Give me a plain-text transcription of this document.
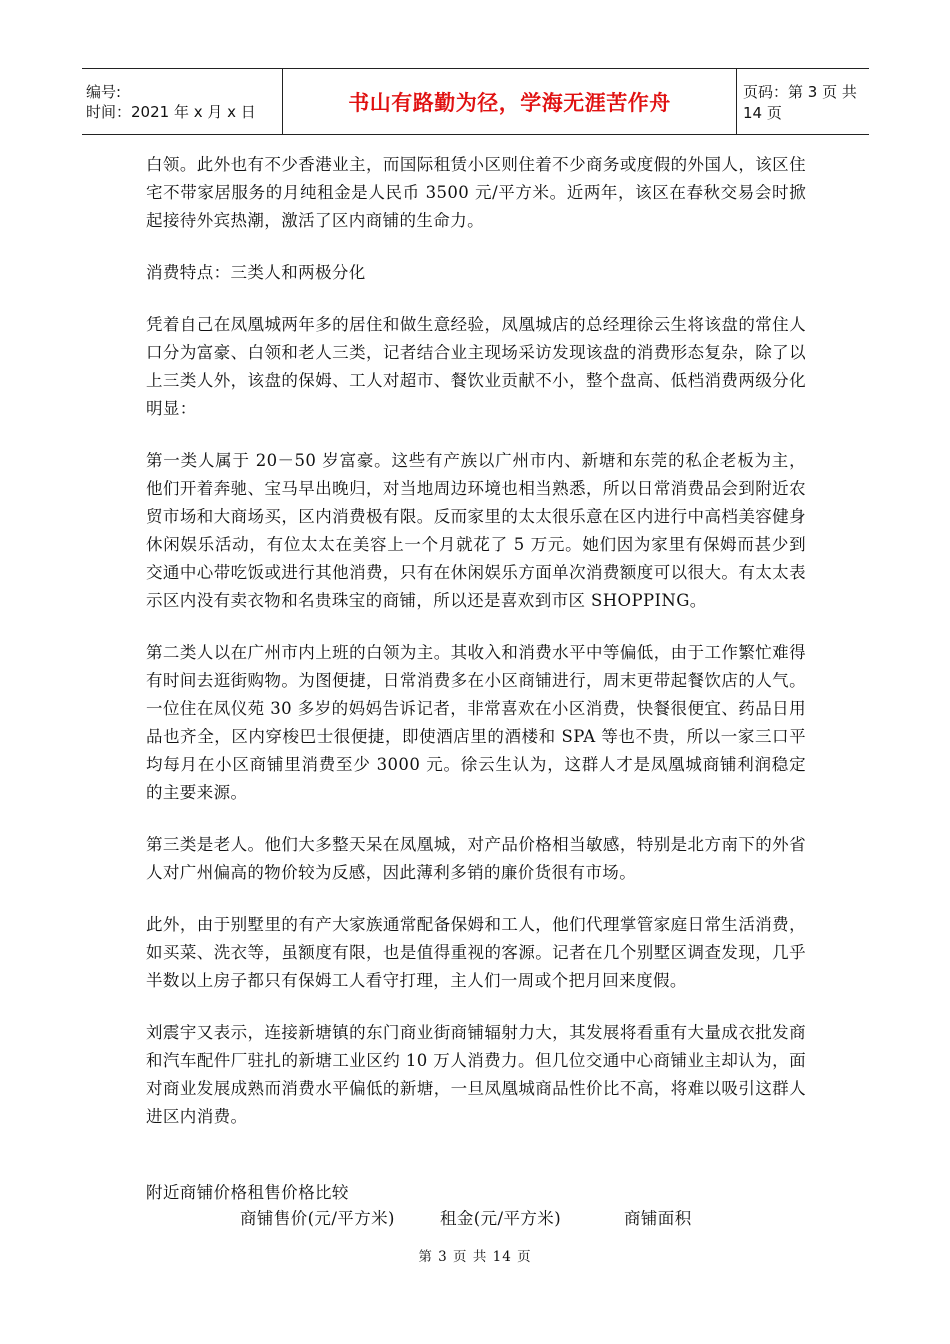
编号:
时间：2021 年 x 月 x 日	书山有路勤为径，学海无涯苦作舟	页码：第 3 页 共 14 页

白领。此外也有不少香港业主，而国际租赁小区则住着不少商务或度假的外国人，该区住宅不带家居服务的月纯租金是人民币 3500 元/平方米。近两年，该区在春秋交易会时掀起接待外宾热潮，激活了区内商铺的生命力。

消费特点：三类人和两极分化

凭着自己在凤凰城两年多的居住和做生意经验，凤凰城店的总经理徐云生将该盘的常住人口分为富豪、白领和老人三类，记者结合业主现场采访发现该盘的消费形态复杂，除了以上三类人外，该盘的保姆、工人对超市、餐饮业贡献不小，整个盘高、低档消费两级分化明显：

第一类人属于 20－50 岁富豪。这些有产族以广州市内、新塘和东莞的私企老板为主，他们开着奔驰、宝马早出晚归，对当地周边环境也相当熟悉，所以日常消费品会到附近农贸市场和大商场买，区内消费极有限。反而家里的太太很乐意在区内进行中高档美容健身休闲娱乐活动，有位太太在美容上一个月就花了 5 万元。她们因为家里有保姆而甚少到交通中心带吃饭或进行其他消费，只有在休闲娱乐方面单次消费额度可以很大。有太太表示区内没有卖衣物和名贵珠宝的商铺，所以还是喜欢到市区 SHOPPING。

第二类人以在广州市内上班的白领为主。其收入和消费水平中等偏低，由于工作繁忙难得有时间去逛街购物。为图便捷，日常消费多在小区商铺进行，周末更带起餐饮店的人气。一位住在凤仪苑 30 多岁的妈妈告诉记者，非常喜欢在小区消费，快餐很便宜、药品日用品也齐全，区内穿梭巴士很便捷，即使酒店里的酒楼和 SPA 等也不贵，所以一家三口平均每月在小区商铺里消费至少 3000 元。徐云生认为，这群人才是凤凰城商铺利润稳定的主要来源。

第三类是老人。他们大多整天呆在凤凰城，对产品价格相当敏感，特别是北方南下的外省人对广州偏高的物价较为反感，因此薄利多销的廉价货很有市场。

此外，由于别墅里的有产大家族通常配备保姆和工人，他们代理掌管家庭日常生活消费，如买菜、洗衣等，虽额度有限，也是值得重视的客源。记者在几个别墅区调查发现，几乎半数以上房子都只有保姆工人看守打理，主人们一周或个把月回来度假。

刘震宇又表示，连接新塘镇的东门商业街商铺辐射力大，其发展将看重有大量成衣批发商和汽车配件厂驻扎的新塘工业区约 10 万人消费力。但几位交通中心商铺业主却认为，面对商业发展成熟而消费水平偏低的新塘，一旦凤凰城商品性价比不高，将难以吸引这群人进区内消费。

附近商铺价格租售价格比较

商铺售价(元/平方米)	租金(元/平方米)	商铺面积
第 3 页 共 14 页
